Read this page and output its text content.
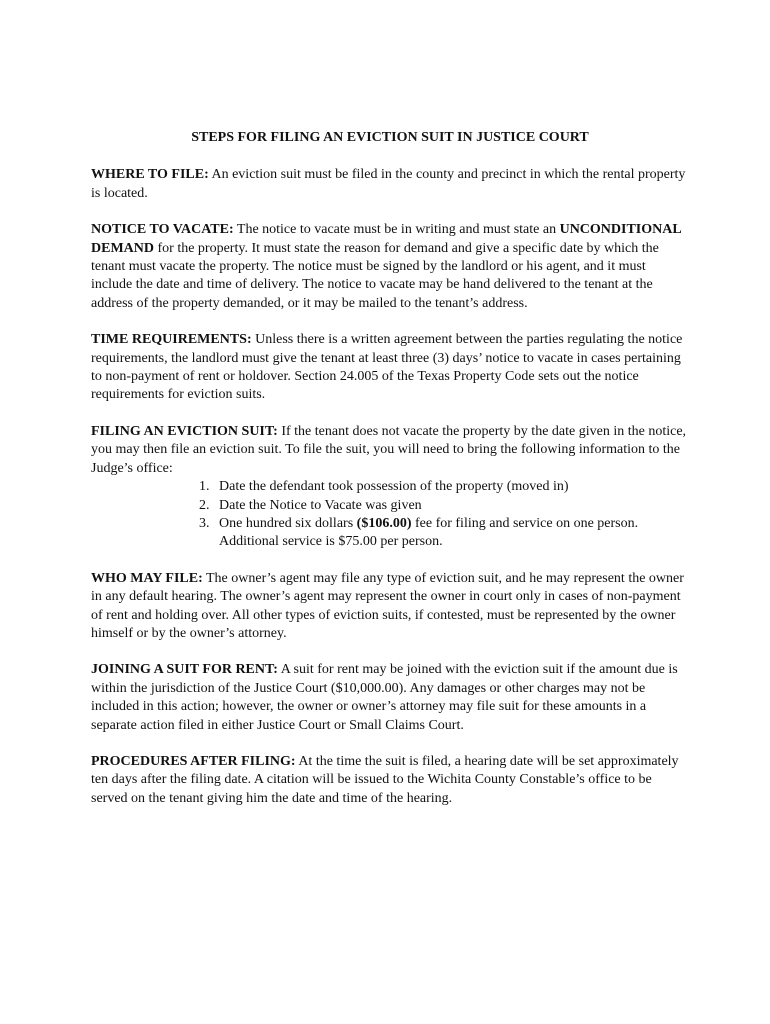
STEPS FOR FILING AN EVICTION SUIT IN JUSTICE COURT

WHERE TO FILE: An eviction suit must be filed in the county and precinct in which the rental property is located.

NOTICE TO VACATE: The notice to vacate must be in writing and must state an UNCONDITIONAL DEMAND for the property. It must state the reason for demand and give a specific date by which the tenant must vacate the property. The notice must be signed by the landlord or his agent, and it must include the date and time of delivery. The notice to vacate may be hand delivered to the tenant at the address of the property demanded, or it may be mailed to the tenant’s address.

TIME REQUIREMENTS: Unless there is a written agreement between the parties regulating the notice requirements, the landlord must give the tenant at least three (3) days’ notice to vacate in cases pertaining to non-payment of rent or holdover. Section 24.005 of the Texas Property Code sets out the notice requirements for eviction suits.

FILING AN EVICTION SUIT: If the tenant does not vacate the property by the date given in the notice, you may then file an eviction suit. To file the suit, you will need to bring the following information to the Judge’s office:
1. Date the defendant took possession of the property (moved in)
2. Date the Notice to Vacate was given
3. One hundred six dollars ($106.00) fee for filing and service on one person. Additional service is $75.00 per person.

WHO MAY FILE: The owner’s agent may file any type of eviction suit, and he may represent the owner in any default hearing. The owner’s agent may represent the owner in court only in cases of non-payment of rent and holding over. All other types of eviction suits, if contested, must be represented by the owner himself or by the owner’s attorney.

JOINING A SUIT FOR RENT: A suit for rent may be joined with the eviction suit if the amount due is within the jurisdiction of the Justice Court ($10,000.00). Any damages or other charges may not be included in this action; however, the owner or owner’s attorney may file suit for these amounts in a separate action filed in either Justice Court or Small Claims Court.

PROCEDURES AFTER FILING: At the time the suit is filed, a hearing date will be set approximately ten days after the filing date. A citation will be issued to the Wichita County Constable’s office to be served on the tenant giving him the date and time of the hearing.
